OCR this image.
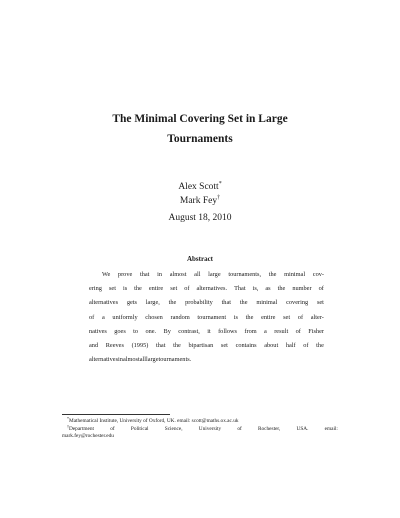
The Minimal Covering Set in Large
Tournaments
Alex Scott*
Mark Fey†
August 18, 2010
Abstract
We prove that in almost all large tournaments, the minimal cov-
ering set is the entire set of alternatives. That is, as the number of
alternatives gets large, the probability that the minimal covering set
of a uniformly chosen random tournament is the entire set of alter-
natives goes to one. By contrast, it follows from a result of Fisher
and Reeves (1995) that the bipartisan set contains about half of the
alternatives in almost all large tournaments.
*Mathematical Institute, University of Oxford, UK. email: scott@maths.ox.ac.uk
†Department	of	Political	Science,	University	of	Rochester,	USA.	email:
mark.fey@rochester.edu
